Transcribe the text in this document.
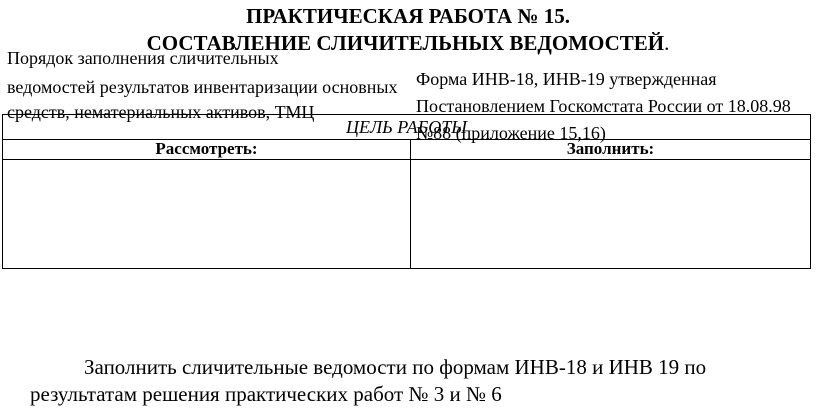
ПРАКТИЧЕСКАЯ РАБОТА № 15.
СОСТАВЛЕНИЕ СЛИЧИТЕЛЬНЫХ ВЕДОМОСТЕЙ.
ЦЕЛЬ РАБОТЫ
Рассмотреть:	Заполнить:
Порядок заполнения сличительных
ведомостей результатов инвентаризации основных средств, нематериальных активов, ТМЦ
Форма ИНВ-18, ИНВ-19 утвержденная Постановлением Госкомстата России от 18.08.98 №88 (приложение 15,16)
Заполнить сличительные ведомости по формам ИНВ-18 и ИНВ 19 по
результатам решения практических работ № 3 и № 6
